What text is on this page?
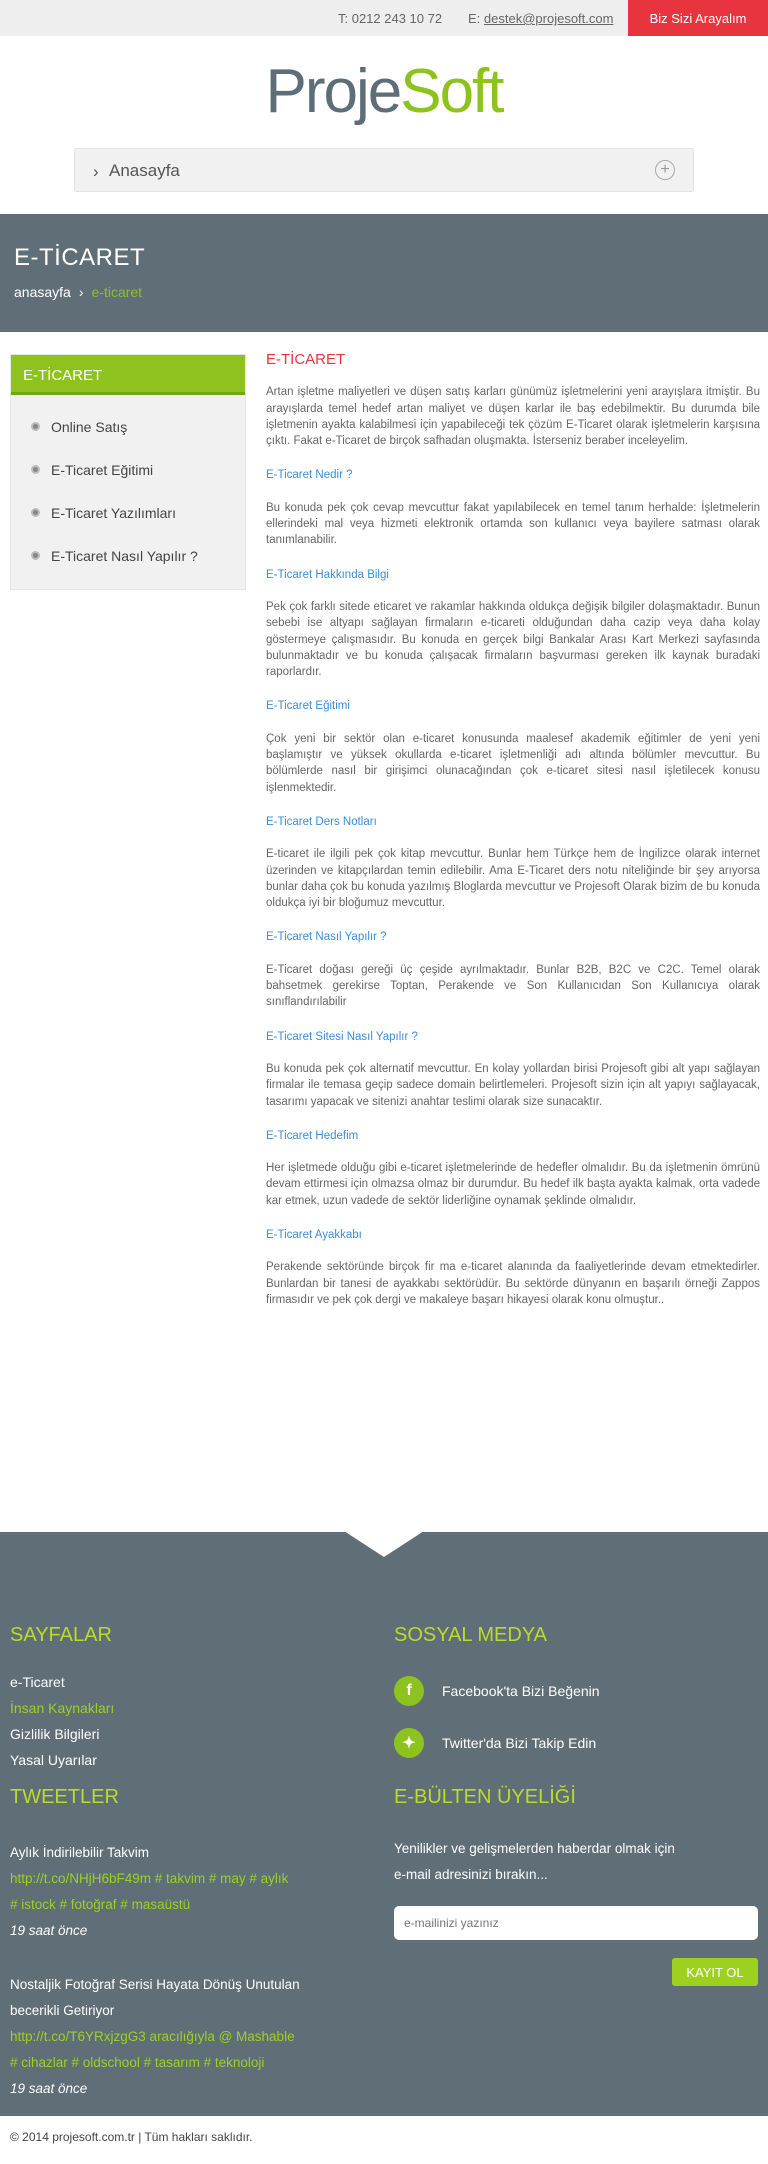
T: 0212 243 10 72 E: destek@projesoft.com	Biz Sizi Arayalım
ProjeSoft
› Anasayfa	+
E-TİCARET
anasayfa › e-ticaret
E-TİCARET
Online Satış
E-Ticaret Eğitimi
E-Ticaret Yazılımları
E-Ticaret Nasıl Yapılır ?
E-TİCARET

Artan işletme maliyetleri ve düşen satış karları günümüz işletmelerini yeni arayışlara itmiştir. Bu arayışlarda temel hedef artan maliyet ve düşen karlar ile baş edebilmektir. Bu durumda bile işletmenin ayakta kalabilmesi için yapabileceği tek çözüm E-Ticaret olarak işletmelerin karşısına çıktı. Fakat e-Ticaret de birçok safhadan oluşmakta. İsterseniz beraber inceleyelim.

E-Ticaret Nedir ?

Bu konuda pek çok cevap mevcuttur fakat yapılabilecek en temel tanım herhalde: İşletmelerin ellerindeki mal veya hizmeti elektronik ortamda son kullanıcı veya bayilere satması olarak tanımlanabilir.

E-Ticaret Hakkında Bilgi

Pek çok farklı sitede eticaret ve rakamlar hakkında oldukça değişik bilgiler dolaşmaktadır. Bunun sebebi ise altyapı sağlayan firmaların e-ticareti olduğundan daha cazip veya daha kolay göstermeye çalışmasıdır. Bu konuda en gerçek bilgi Bankalar Arası Kart Merkezi sayfasında bulunmaktadır ve bu konuda çalışacak firmaların başvurması gereken ilk kaynak buradaki raporlardır.

E-Ticaret Eğitimi

Çok yeni bir sektör olan e-ticaret konusunda maalesef akademik eğitimler de yeni yeni başlamıştır ve yüksek okullarda e-ticaret işletmenliği adı altında bölümler mevcuttur. Bu bölümlerde nasıl bir girişimci olunacağından çok e-ticaret sitesi nasıl işletilecek konusu işlenmektedir.

E-Ticaret Ders Notları

E-ticaret ile ilgili pek çok kitap mevcuttur. Bunlar hem Türkçe hem de İngilizce olarak internet üzerinden ve kitapçılardan temin edilebilir. Ama E-Ticaret ders notu niteliğinde bir şey arıyorsa bunlar daha çok bu konuda yazılmış Bloglarda mevcuttur ve Projesoft Olarak bizim de bu konuda oldukça iyi bir bloğumuz mevcuttur.

E-Ticaret Nasıl Yapılır ?

E-Ticaret doğası gereği üç çeşide ayrılmaktadır. Bunlar B2B, B2C ve C2C. Temel olarak bahsetmek gerekirse Toptan, Perakende ve Son Kullanıcıdan Son Kullanıcıya olarak sınıflandırılabilir

E-Ticaret Sitesi Nasıl Yapılır ?

Bu konuda pek çok alternatif mevcuttur. En kolay yollardan birisi Projesoft gibi alt yapı sağlayan firmalar ile temasa geçip sadece domain belirtlemeleri. Projesoft sizin için alt yapıyı sağlayacak, tasarımı yapacak ve sitenizi anahtar teslimi olarak size sunacaktır.

E-Ticaret Hedefim

Her işletmede olduğu gibi e-ticaret işletmelerinde de hedefler olmalıdır. Bu da işletmenin ömrünü devam ettirmesi için olmazsa olmaz bir durumdur. Bu hedef ilk başta ayakta kalmak, orta vadede kar etmek, uzun vadede de sektör liderliğine oynamak şeklinde olmalıdır.

E-Ticaret Ayakkabı

Perakende sektöründe birçok fir ma e-ticaret alanında da faaliyetlerinde devam etmektedirler. Bunlardan bir tanesi de ayakkabı sektörüdür. Bu sektörde dünyanın en başarılı örneği Zappos firmasıdır ve pek çok dergi ve makaleye başarı hikayesi olarak konu olmuştur..

SAYFALAR
e-Ticaret
İnsan Kaynakları
Gizlilik Bilgileri
Yasal Uyarılar
SOSYAL MEDYA
f	Facebook'ta Bizi Beğenin
✦	Twitter'da Bizi Takip Edin
TWEETLER
Aylık İndirilebilir Takvim
http://t.co/NHjH6bF49m # takvim # may # aylık
# istock # fotoğraf # masaüstü
19 saat önce
Nostaljik Fotoğraf Serisi Hayata Dönüş Unutulan
becerikli Getiriyor
http://t.co/T6YRxjzgG3 aracılığıyla @ Mashable
# cihazlar # oldschool # tasarım # teknoloji
19 saat önce
E-BÜLTEN ÜYELİĞİ
Yenilikler ve gelişmelerden haberdar olmak için
e-mail adresinizi bırakın...
e-mailinizi yazınız
KAYIT OL
© 2014 projesoft.com.tr | Tüm hakları saklıdır.
